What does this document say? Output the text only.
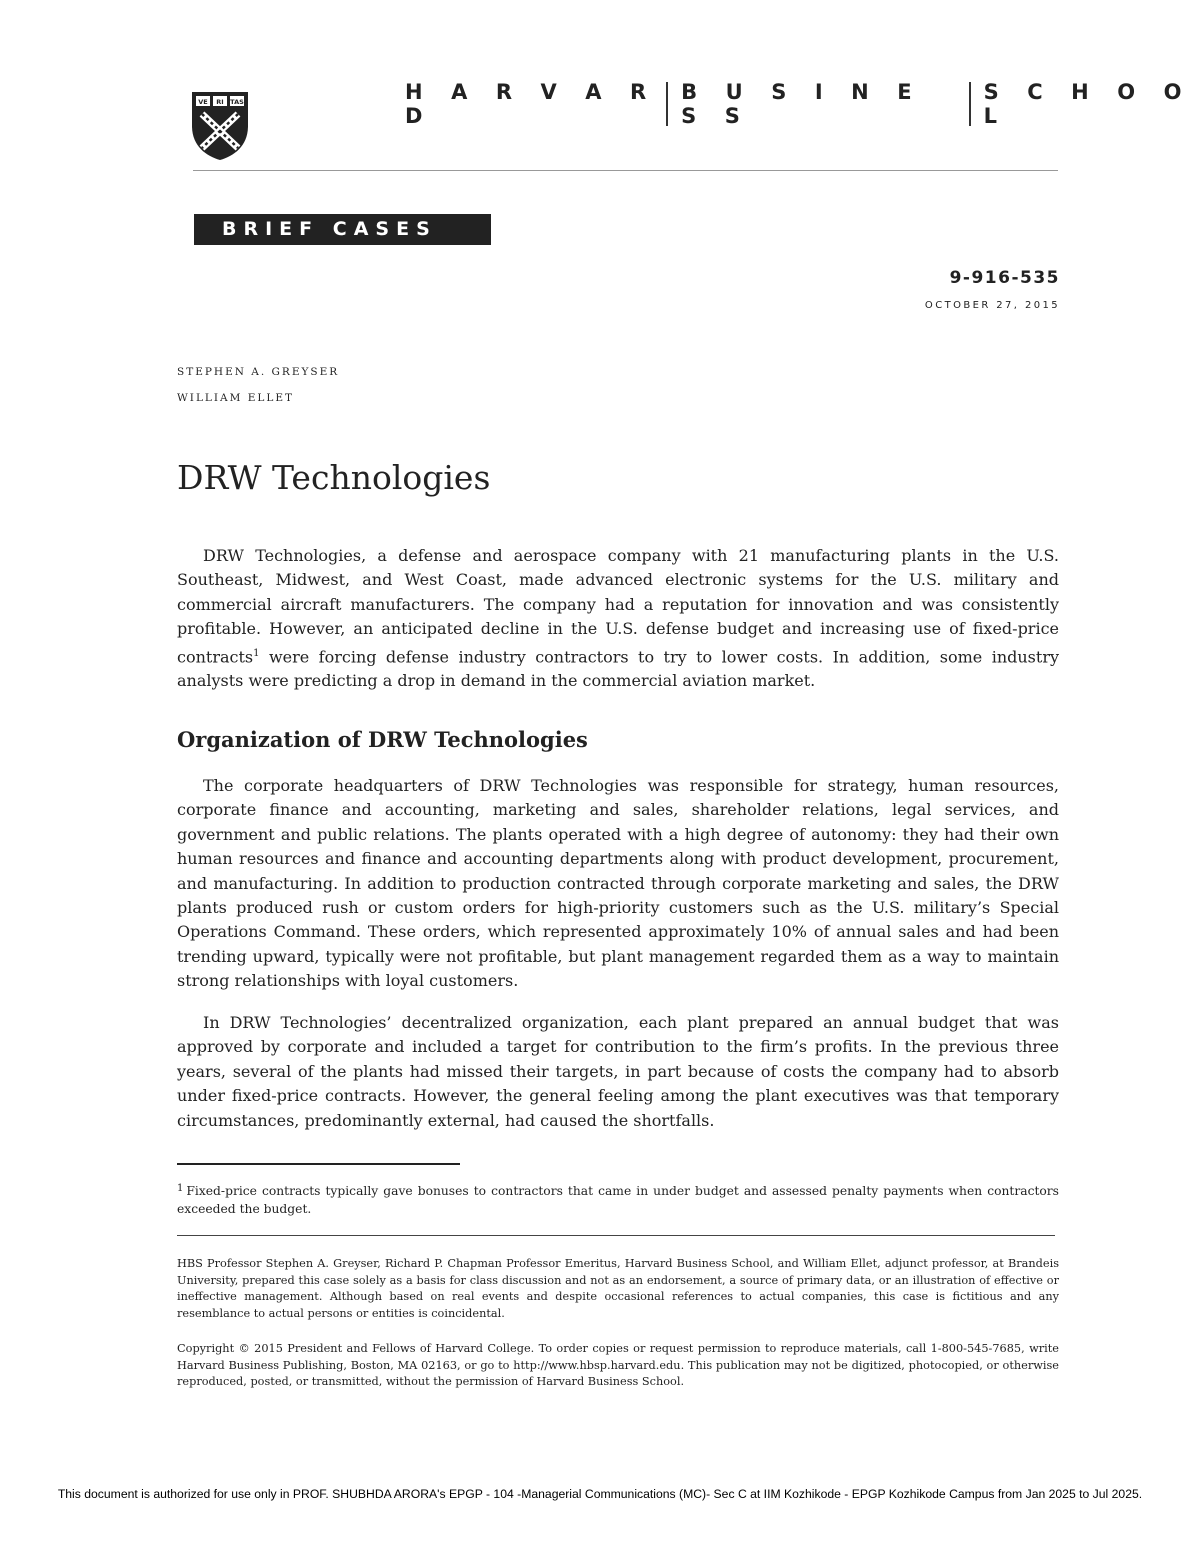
VE RI TAS	H A R V A R D
B U S I N E S S
S C H O O L
BRIEF CASES
9-916-535
OCTOBER 27, 2015
STEPHEN A. GREYSER
WILLIAM ELLET
DRW Technologies

DRW Technologies, a defense and aerospace company with 21 manufacturing plants in the U.S. Southeast, Midwest, and West Coast, made advanced electronic systems for the U.S. military and commercial aircraft manufacturers. The company had a reputation for innovation and was consistently profitable. However, an anticipated decline in the U.S. defense budget and increasing use of fixed-price contracts$^1$ were forcing defense industry contractors to try to lower costs. In addition, some industry analysts were predicting a drop in demand in the commercial aviation market.

Organization of DRW Technologies

The corporate headquarters of DRW Technologies was responsible for strategy, human resources, corporate finance and accounting, marketing and sales, shareholder relations, legal services, and government and public relations. The plants operated with a high degree of autonomy: they had their own human resources and finance and accounting departments along with product development, procurement, and manufacturing. In addition to production contracted through corporate marketing and sales, the DRW plants produced rush or custom orders for high-priority customers such as the U.S. military’s Special Operations Command. These orders, which represented approximately 10% of annual sales and had been trending upward, typically were not profitable, but plant management regarded them as a way to maintain strong relationships with loyal customers.

In DRW Technologies’ decentralized organization, each plant prepared an annual budget that was approved by corporate and included a target for contribution to the firm’s profits. In the previous three years, several of the plants had missed their targets, in part because of costs the company had to absorb under fixed-price contracts. However, the general feeling among the plant executives was that temporary circumstances, predominantly external, had caused the shortfalls.

$^1$ Fixed-price contracts typically gave bonuses to contractors that came in under budget and assessed penalty payments when contractors exceeded the budget.

HBS Professor Stephen A. Greyser, Richard P. Chapman Professor Emeritus, Harvard Business School, and William Ellet, adjunct professor, at Brandeis University, prepared this case solely as a basis for class discussion and not as an endorsement, a source of primary data, or an illustration of effective or ineffective management. Although based on real events and despite occasional references to actual companies, this case is fictitious and any resemblance to actual persons or entities is coincidental.

Copyright © 2015 President and Fellows of Harvard College. To order copies or request permission to reproduce materials, call 1-800-545-7685, write Harvard Business Publishing, Boston, MA 02163, or go to http://www.hbsp.harvard.edu. This publication may not be digitized, photocopied, or otherwise reproduced, posted, or transmitted, without the permission of Harvard Business School.

This document is authorized for use only in PROF. SHUBHDA ARORA's EPGP - 104 -Managerial Communications (MC)- Sec C at IIM Kozhikode - EPGP Kozhikode Campus from Jan 2025 to Jul 2025.
